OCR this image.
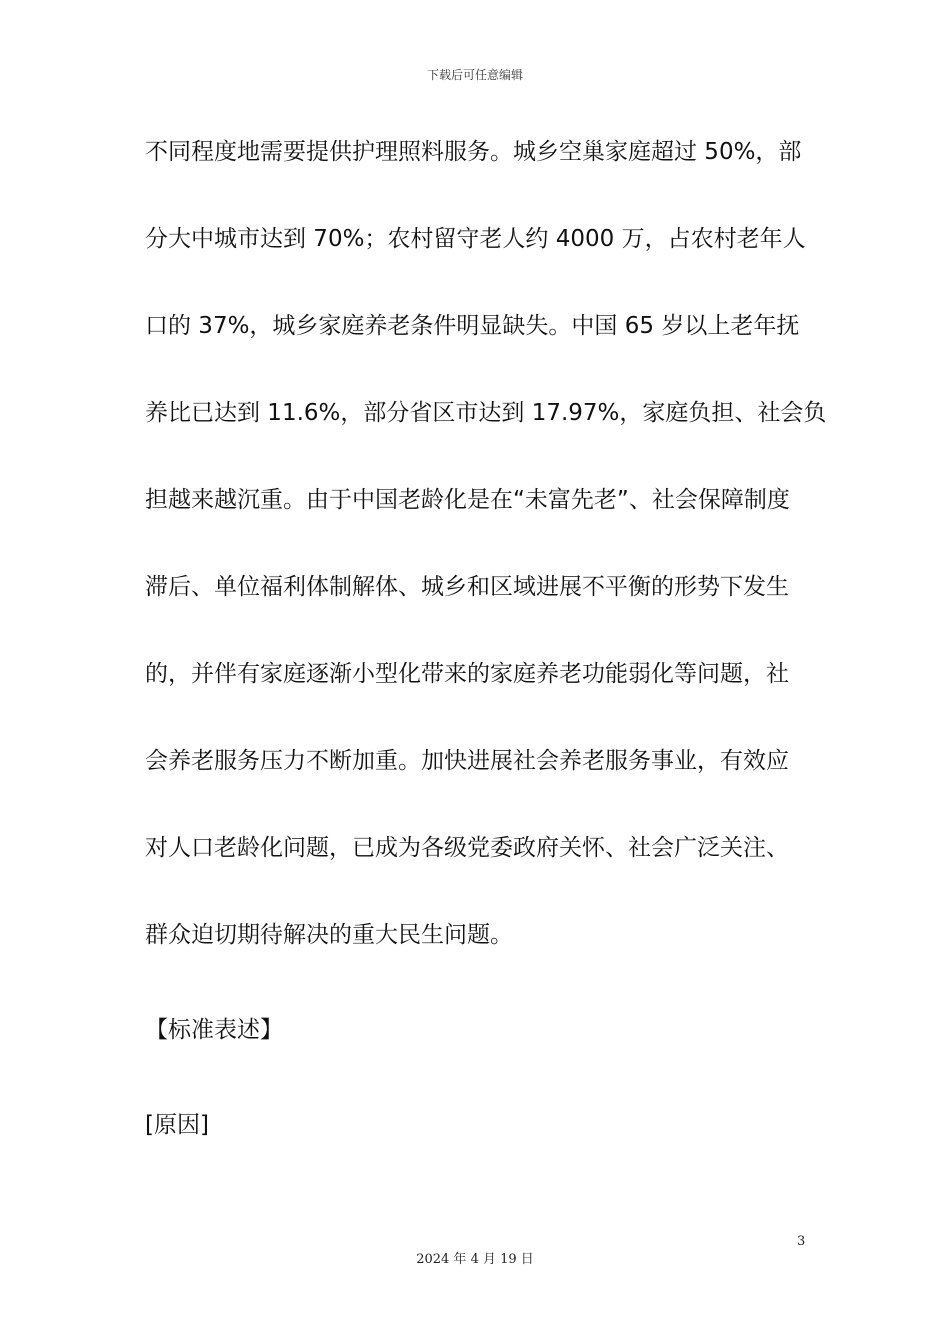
下载后可任意编辑
不同程度地需要提供护理照料服务。城乡空巢家庭超过 50%，部
分大中城市达到 70%；农村留守老人约 4000 万，占农村老年人
口的 37%，城乡家庭养老条件明显缺失。中国 65 岁以上老年抚
养比已达到 11.6%，部分省区市达到 17.97%，家庭负担、社会负
担越来越沉重。由于中国老龄化是在“未富先老”、社会保障制度
滞后、单位福利体制解体、城乡和区域进展不平衡的形势下发生
的，并伴有家庭逐渐小型化带来的家庭养老功能弱化等问题，社
会养老服务压力不断加重。加快进展社会养老服务事业，有效应
对人口老龄化问题，已成为各级党委政府关怀、社会广泛关注、
群众迫切期待解决的重大民生问题。
【标准表述】
[原因]
3
2024 年 4 月 19 日
